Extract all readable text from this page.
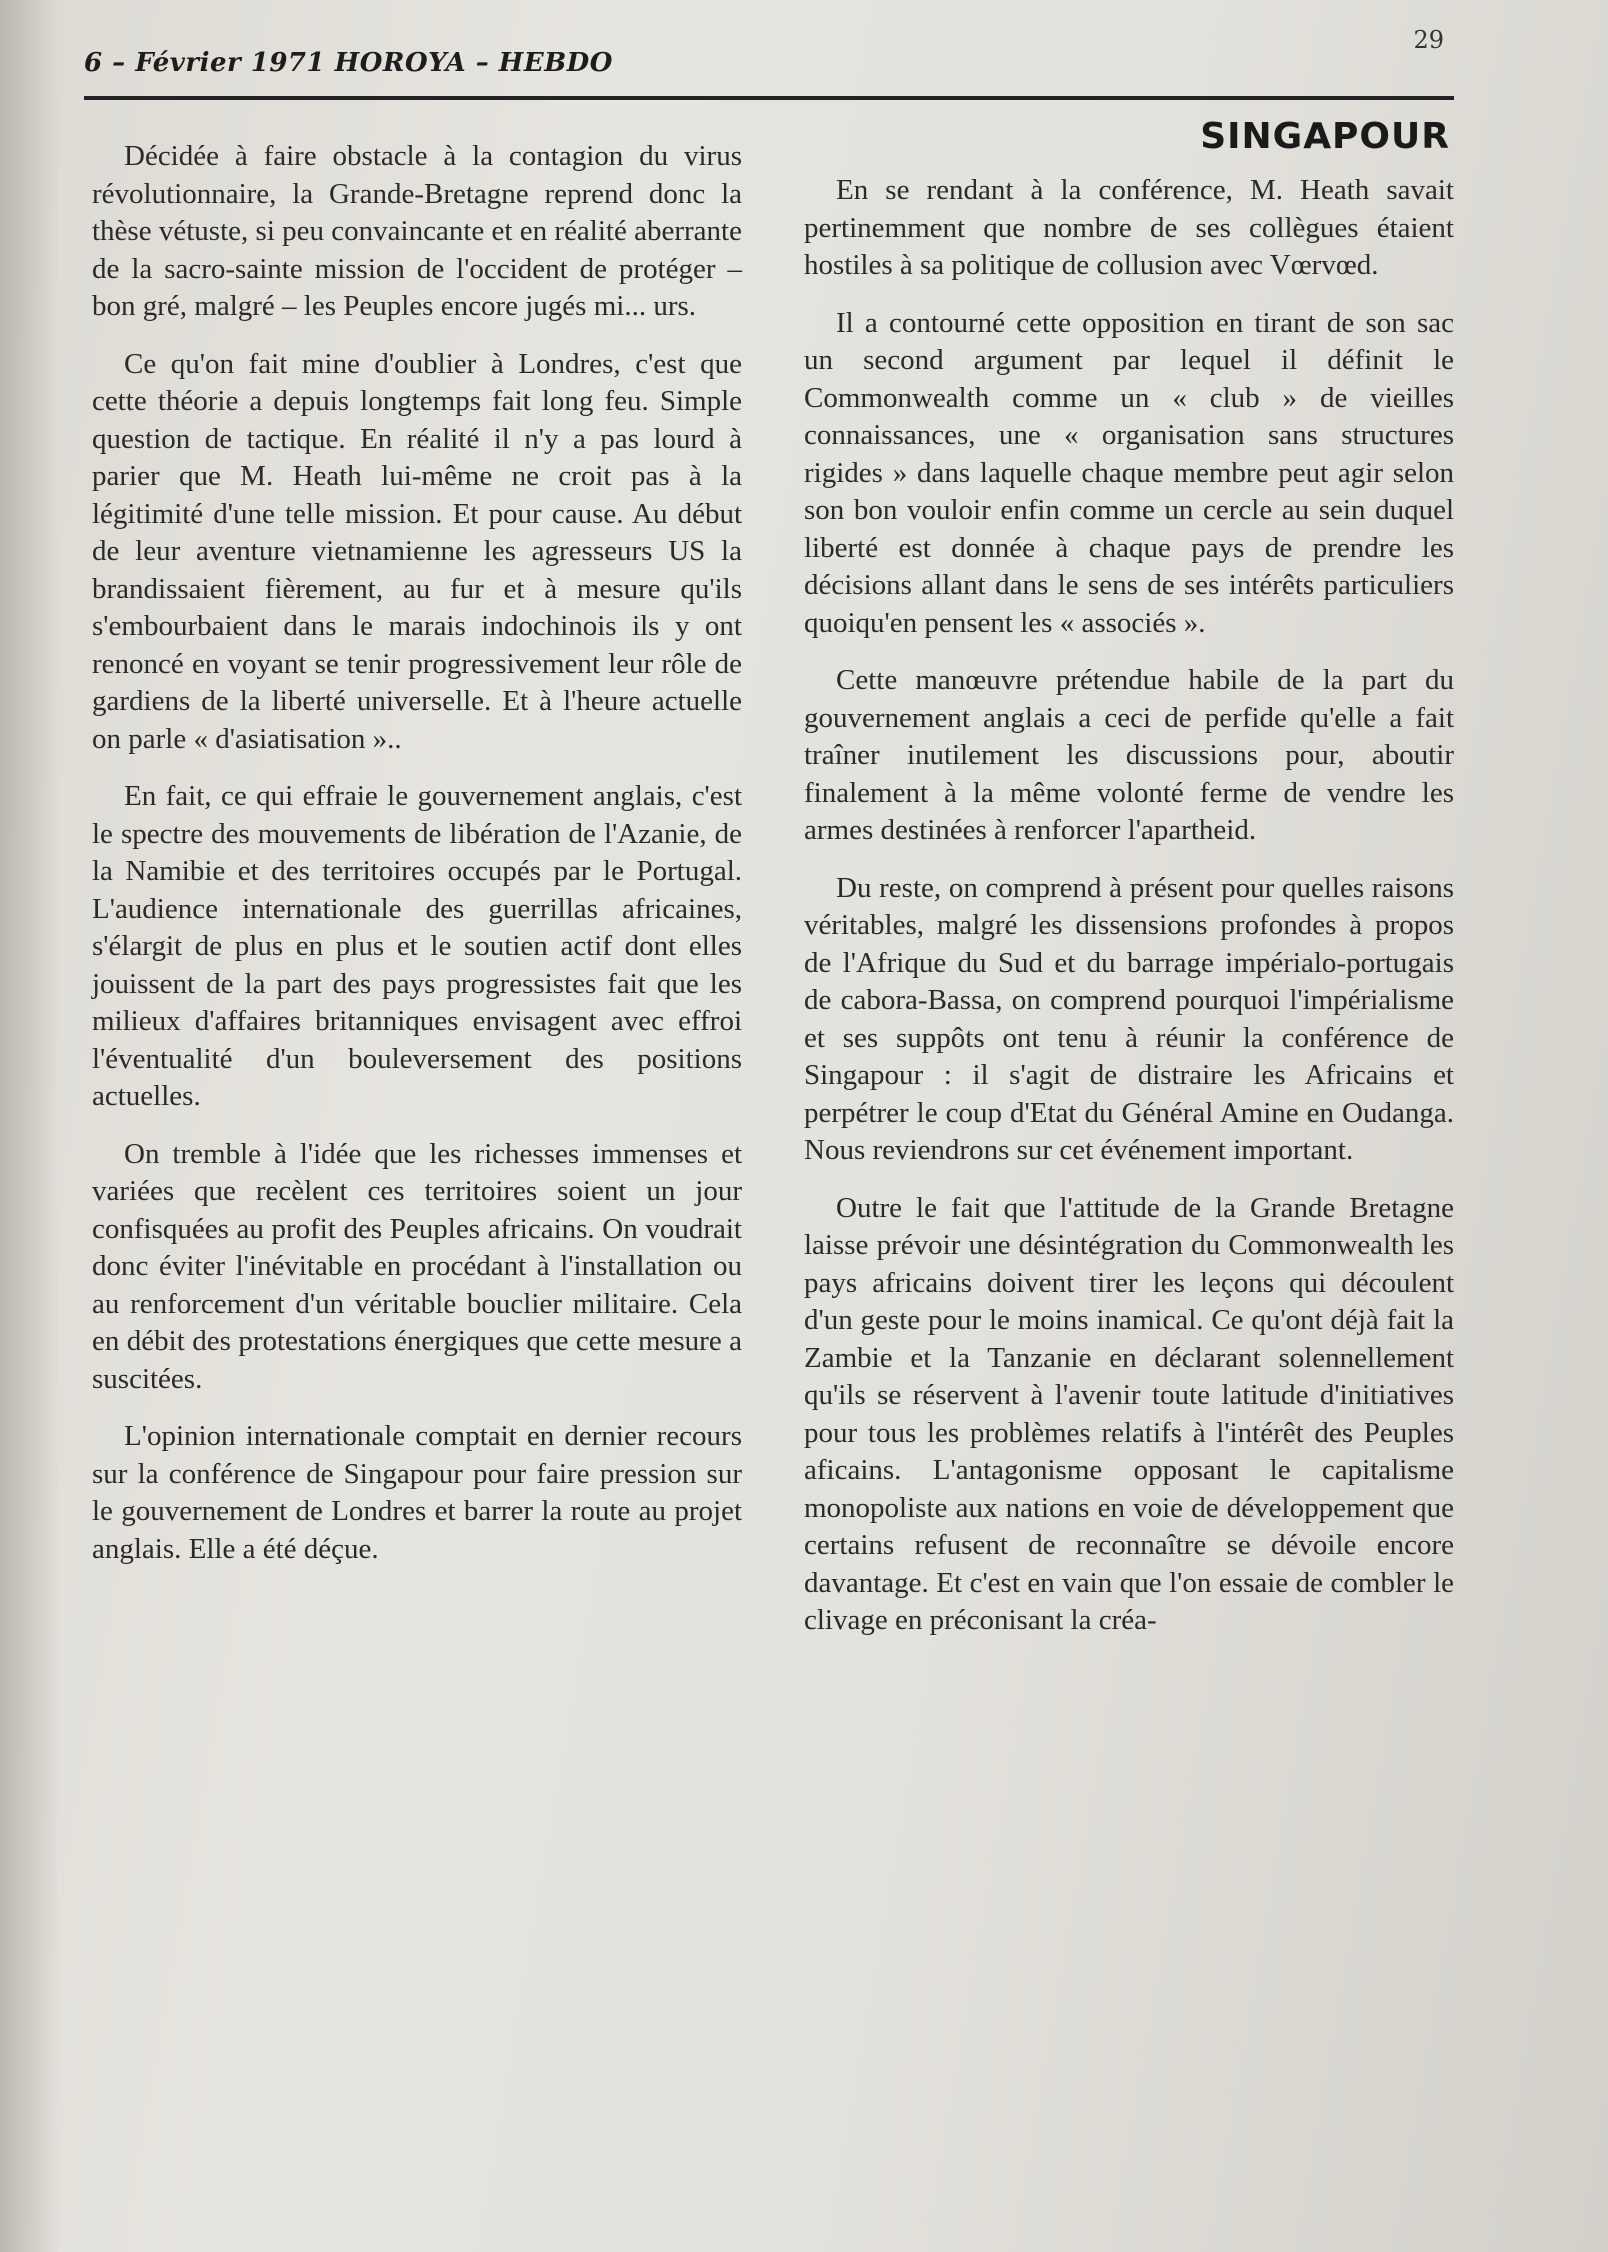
6 – Février 1971 HOROYA – HEBDO
29
SINGAPOUR

Décidée à faire obstacle à la contagion du virus révolutionnaire, la Grande-Bretagne reprend donc la thèse vétuste, si peu convaincante et en réalité aberrante de la sacro-sainte mission de l'occident de protéger – bon gré, malgré – les Peuples encore jugés mi... urs.

Ce qu'on fait mine d'oublier à Londres, c'est que cette théorie a depuis longtemps fait long feu. Simple question de tactique. En réalité il n'y a pas lourd à parier que M. Heath lui-même ne croit pas à la légitimité d'une telle mission. Et pour cause. Au début de leur aventure vietnamienne les agresseurs US la brandissaient fièrement, au fur et à mesure qu'ils s'embourbaient dans le marais indochinois ils y ont renoncé en voyant se tenir progressivement leur rôle de gardiens de la liberté universelle. Et à l'heure actuelle on parle « d'asiatisation »..

En fait, ce qui effraie le gouvernement anglais, c'est le spectre des mouvements de libération de l'Azanie, de la Namibie et des territoires occupés par le Portugal. L'audience internationale des guerrillas africaines, s'élargit de plus en plus et le soutien actif dont elles jouissent de la part des pays progressistes fait que les milieux d'affaires britanniques envisagent avec effroi l'éventualité d'un bouleversement des positions actuelles.

On tremble à l'idée que les richesses immenses et variées que recèlent ces territoires soient un jour confisquées au profit des Peuples africains. On voudrait donc éviter l'inévitable en procédant à l'installation ou au renforcement d'un véritable bouclier militaire. Cela en débit des protestations énergiques que cette mesure a suscitées.

L'opinion internationale comptait en dernier recours sur la conférence de Singapour pour faire pression sur le gouvernement de Londres et barrer la route au projet anglais. Elle a été déçue.

En se rendant à la conférence, M. Heath savait pertinemment que nombre de ses collègues étaient hostiles à sa politique de collusion avec Vœrvœd.

Il a contourné cette opposition en tirant de son sac un second argument par lequel il définit le Commonwealth comme un « club » de vieilles connaissances, une « organisation sans structures rigides » dans laquelle chaque membre peut agir selon son bon vouloir enfin comme un cercle au sein duquel liberté est donnée à chaque pays de prendre les décisions allant dans le sens de ses intérêts particuliers quoiqu'en pensent les « associés ».

Cette manœuvre prétendue habile de la part du gouvernement anglais a ceci de perfide qu'elle a fait traîner inutilement les discussions pour, aboutir finalement à la même volonté ferme de vendre les armes destinées à renforcer l'apartheid.

Du reste, on comprend à présent pour quelles raisons véritables, malgré les dissensions profondes à propos de l'Afrique du Sud et du barrage impérialo-portugais de cabora-Bassa, on comprend pourquoi l'impérialisme et ses suppôts ont tenu à réunir la conférence de Singapour : il s'agit de distraire les Africains et perpétrer le coup d'Etat du Général Amine en Oudanga. Nous reviendrons sur cet événement important.

Outre le fait que l'attitude de la Grande Bretagne laisse prévoir une désintégration du Commonwealth les pays africains doivent tirer les leçons qui découlent d'un geste pour le moins inamical. Ce qu'ont déjà fait la Zambie et la Tanzanie en déclarant solennellement qu'ils se réservent à l'avenir toute latitude d'initiatives pour tous les problèmes relatifs à l'intérêt des Peuples aficains. L'antagonisme opposant le capitalisme monopoliste aux nations en voie de développement que certains refusent de reconnaître se dévoile encore davantage. Et c'est en vain que l'on essaie de combler le clivage en préconisant la créa-
